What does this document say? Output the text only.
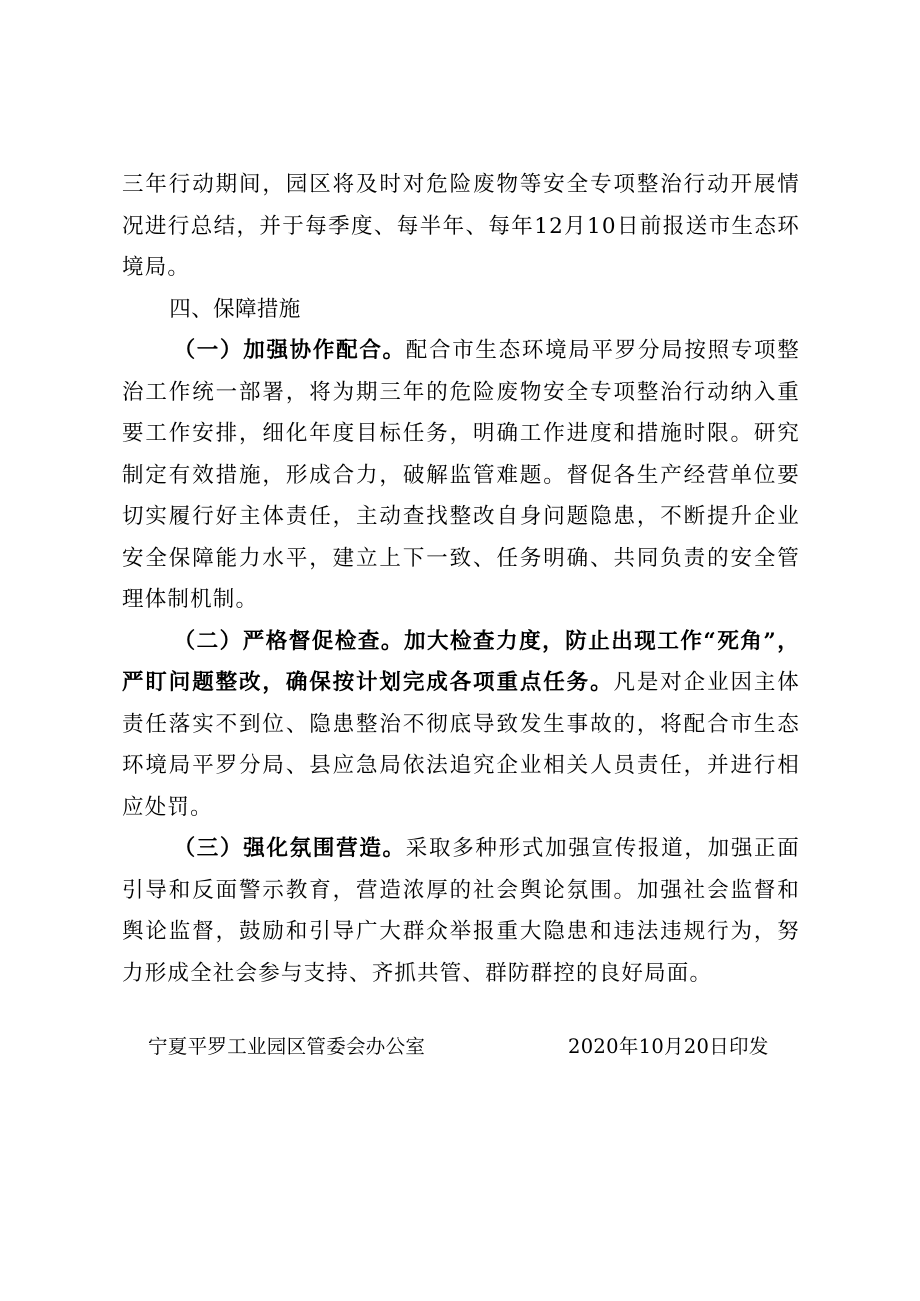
三年行动期间，园区将及时对危险废物等安全专项整治行动开展情况进行总结，并于每季度、每半年、每年12月10日前报送市生态环境局。

四、保障措施

（一）加强协作配合。配合市生态环境局平罗分局按照专项整治工作统一部署，将为期三年的危险废物安全专项整治行动纳入重要工作安排，细化年度目标任务，明确工作进度和措施时限。研究制定有效措施，形成合力，破解监管难题。督促各生产经营单位要切实履行好主体责任，主动查找整改自身问题隐患，不断提升企业安全保障能力水平，建立上下一致、任务明确、共同负责的安全管理体制机制。

（二）严格督促检查。加大检查力度，防止出现工作“死角”，严盯问题整改，确保按计划完成各项重点任务。凡是对企业因主体责任落实不到位、隐患整治不彻底导致发生事故的，将配合市生态环境局平罗分局、县应急局依法追究企业相关人员责任，并进行相应处罚。

（三）强化氛围营造。采取多种形式加强宣传报道，加强正面引导和反面警示教育，营造浓厚的社会舆论氛围。加强社会监督和舆论监督，鼓励和引导广大群众举报重大隐患和违法违规行为，努力形成全社会参与支持、齐抓共管、群防群控的良好局面。

宁夏平罗工业园区管委会办公室	2020年10月20日印发
